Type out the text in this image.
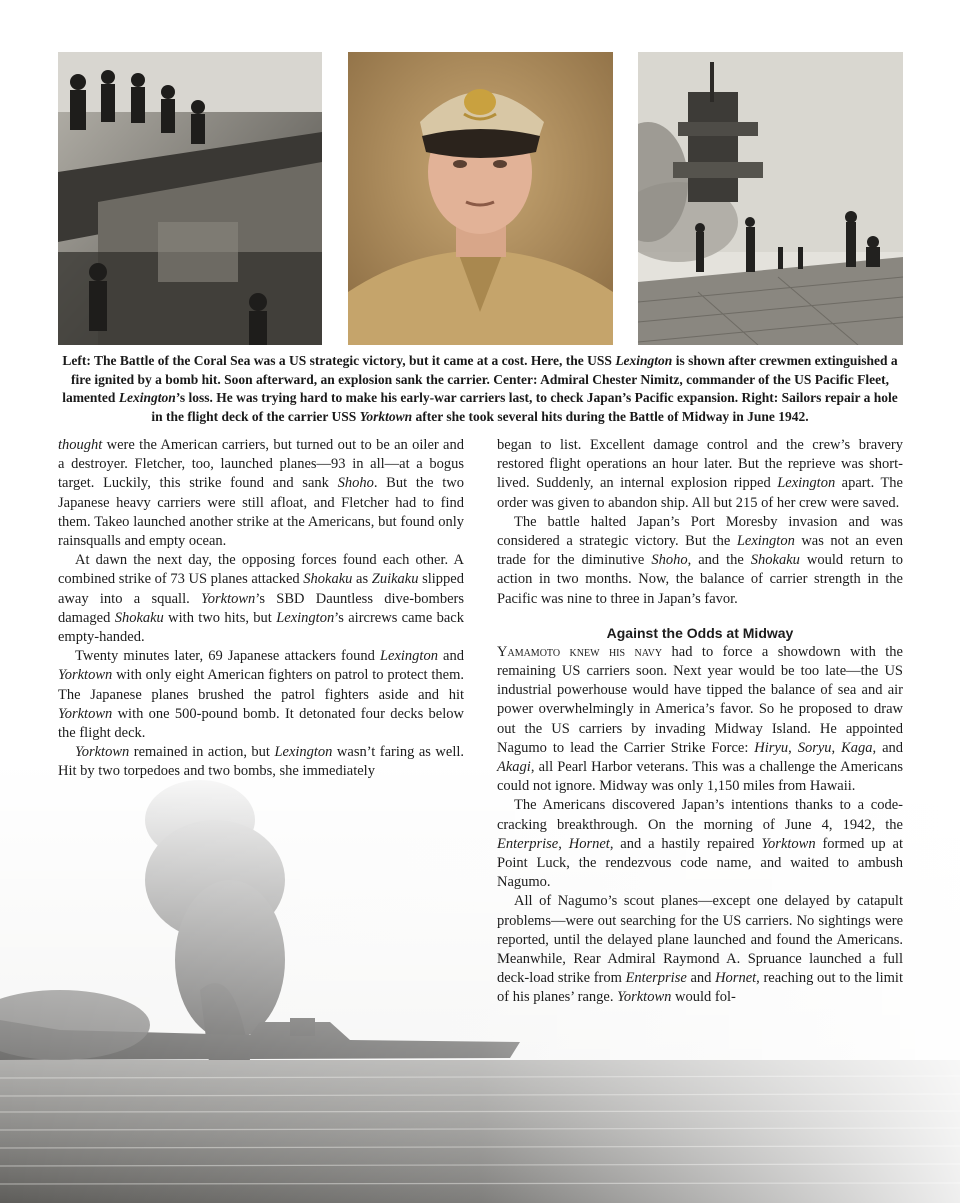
Left: The Battle of the Coral Sea was a US strategic victory, but it came at a cost. Here, the USS Lexington is shown after crewmen extinguished a fire ignited by a bomb hit. Soon afterward, an explosion sank the carrier. Center: Admiral Chester Nimitz, commander of the US Pacific Fleet, lamented Lexington’s loss. He was trying hard to make his early-war carriers last, to check Japan’s Pacific expansion. Right: Sailors repair a hole in the flight deck of the carrier USS Yorktown after she took several hits during the Battle of Midway in June 1942.

thought were the American carriers, but turned out to be an oiler and a destroyer. Fletcher, too, launched planes—93 in all—at a bogus target. Luckily, this strike found and sank Shoho. But the two Japanese heavy carriers were still afloat, and Fletcher had to find them. Takeo launched another strike at the Americans, but found only rainsqualls and empty ocean.

At dawn the next day, the opposing forces found each other. A combined strike of 73 US planes attacked Shokaku as Zuikaku slipped away into a squall. Yorktown’s SBD Dauntless dive-bombers damaged Shokaku with two hits, but Lexington’s aircrews came back empty-handed.

Twenty minutes later, 69 Japanese attackers found Lexington and Yorktown with only eight American fighters on patrol to protect them. The Japanese planes brushed the patrol fighters aside and hit Yorktown with one 500-pound bomb. It detonated four decks below the flight deck.

Yorktown remained in action, but Lexington wasn’t faring as well. Hit by two torpedoes and two bombs, she immediately

began to list. Excellent damage control and the crew’s bravery restored flight operations an hour later. But the reprieve was short-lived. Suddenly, an internal explosion ripped Lexington apart. The order was given to abandon ship. All but 215 of her crew were saved.

The battle halted Japan’s Port Moresby invasion and was considered a strategic victory. But the Lexington was not an even trade for the diminutive Shoho, and the Shokaku would return to action in two months. Now, the balance of carrier strength in the Pacific was nine to three in Japan’s favor.

Against the Odds at Midway

Yamamoto knew his navy had to force a showdown with the remaining US carriers soon. Next year would be too late—the US industrial powerhouse would have tipped the balance of sea and air power overwhelmingly in America’s favor. So he proposed to draw out the US carriers by invading Midway Island. He appointed Nagumo to lead the Carrier Strike Force: Hiryu, Soryu, Kaga, and Akagi, all Pearl Harbor veterans. This was a challenge the Americans could not ignore. Midway was only 1,150 miles from Hawaii.

The Americans discovered Japan’s intentions thanks to a code-cracking breakthrough. On the morning of June 4, 1942, the Enterprise, Hornet, and a hastily repaired Yorktown formed up at Point Luck, the rendezvous code name, and waited to ambush Nagumo.

All of Nagumo’s scout planes—except one delayed by catapult problems—were out searching for the US carriers. No sightings were reported, until the delayed plane launched and found the Americans. Meanwhile, Rear Admiral Raymond A. Spruance launched a full deck-load strike from Enterprise and Hornet, reaching out to the limit of his planes’ range. Yorktown would fol-
